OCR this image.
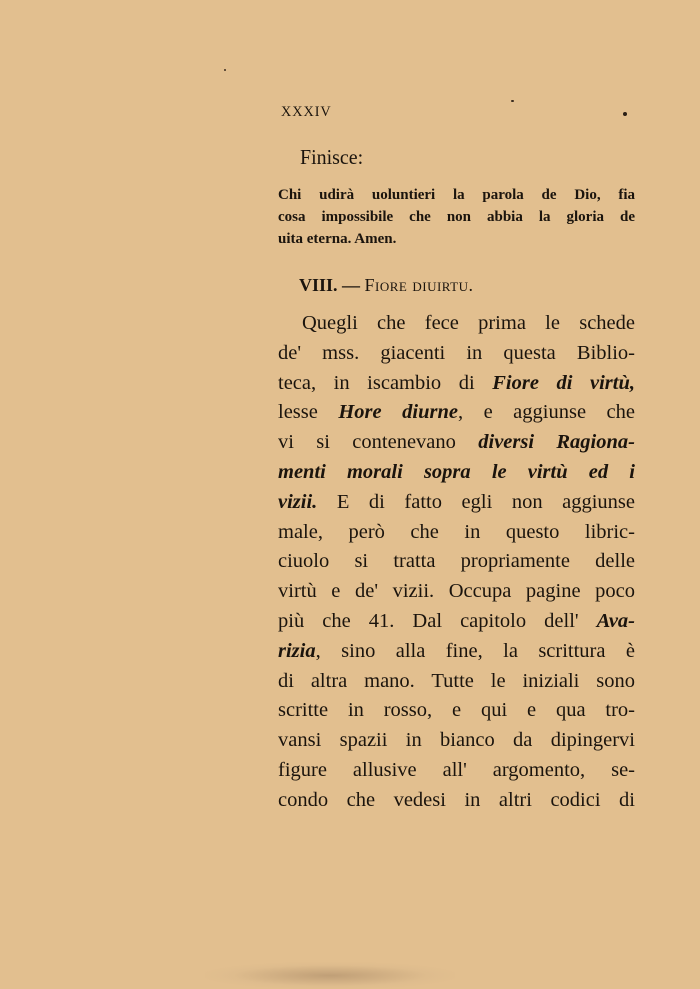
XXXIV
Finisce:
Chi udirà uoluntieri la parola de Dio, fia
cosa impossibile che non abbia la gloria de
uita eterna. Amen.
VIII. — Fiore diuirtu.
Quegli che fece prima le schede
de' mss. giacenti in questa Biblio-
teca, in iscambio di Fiore di virtù,
lesse Hore diurne, e aggiunse che
vi si contenevano diversi Ragiona-
menti morali sopra le virtù ed i
vizii. E di fatto egli non aggiunse
male, però che in questo libric-
ciuolo si tratta propriamente delle
virtù e de' vizii. Occupa pagine poco
più che 41. Dal capitolo dell' Ava-
rizia, sino alla fine, la scrittura è
di altra mano. Tutte le iniziali sono
scritte in rosso, e qui e qua tro-
vansi spazii in bianco da dipingervi
figure allusive all' argomento, se-
condo che vedesi in altri codici di
